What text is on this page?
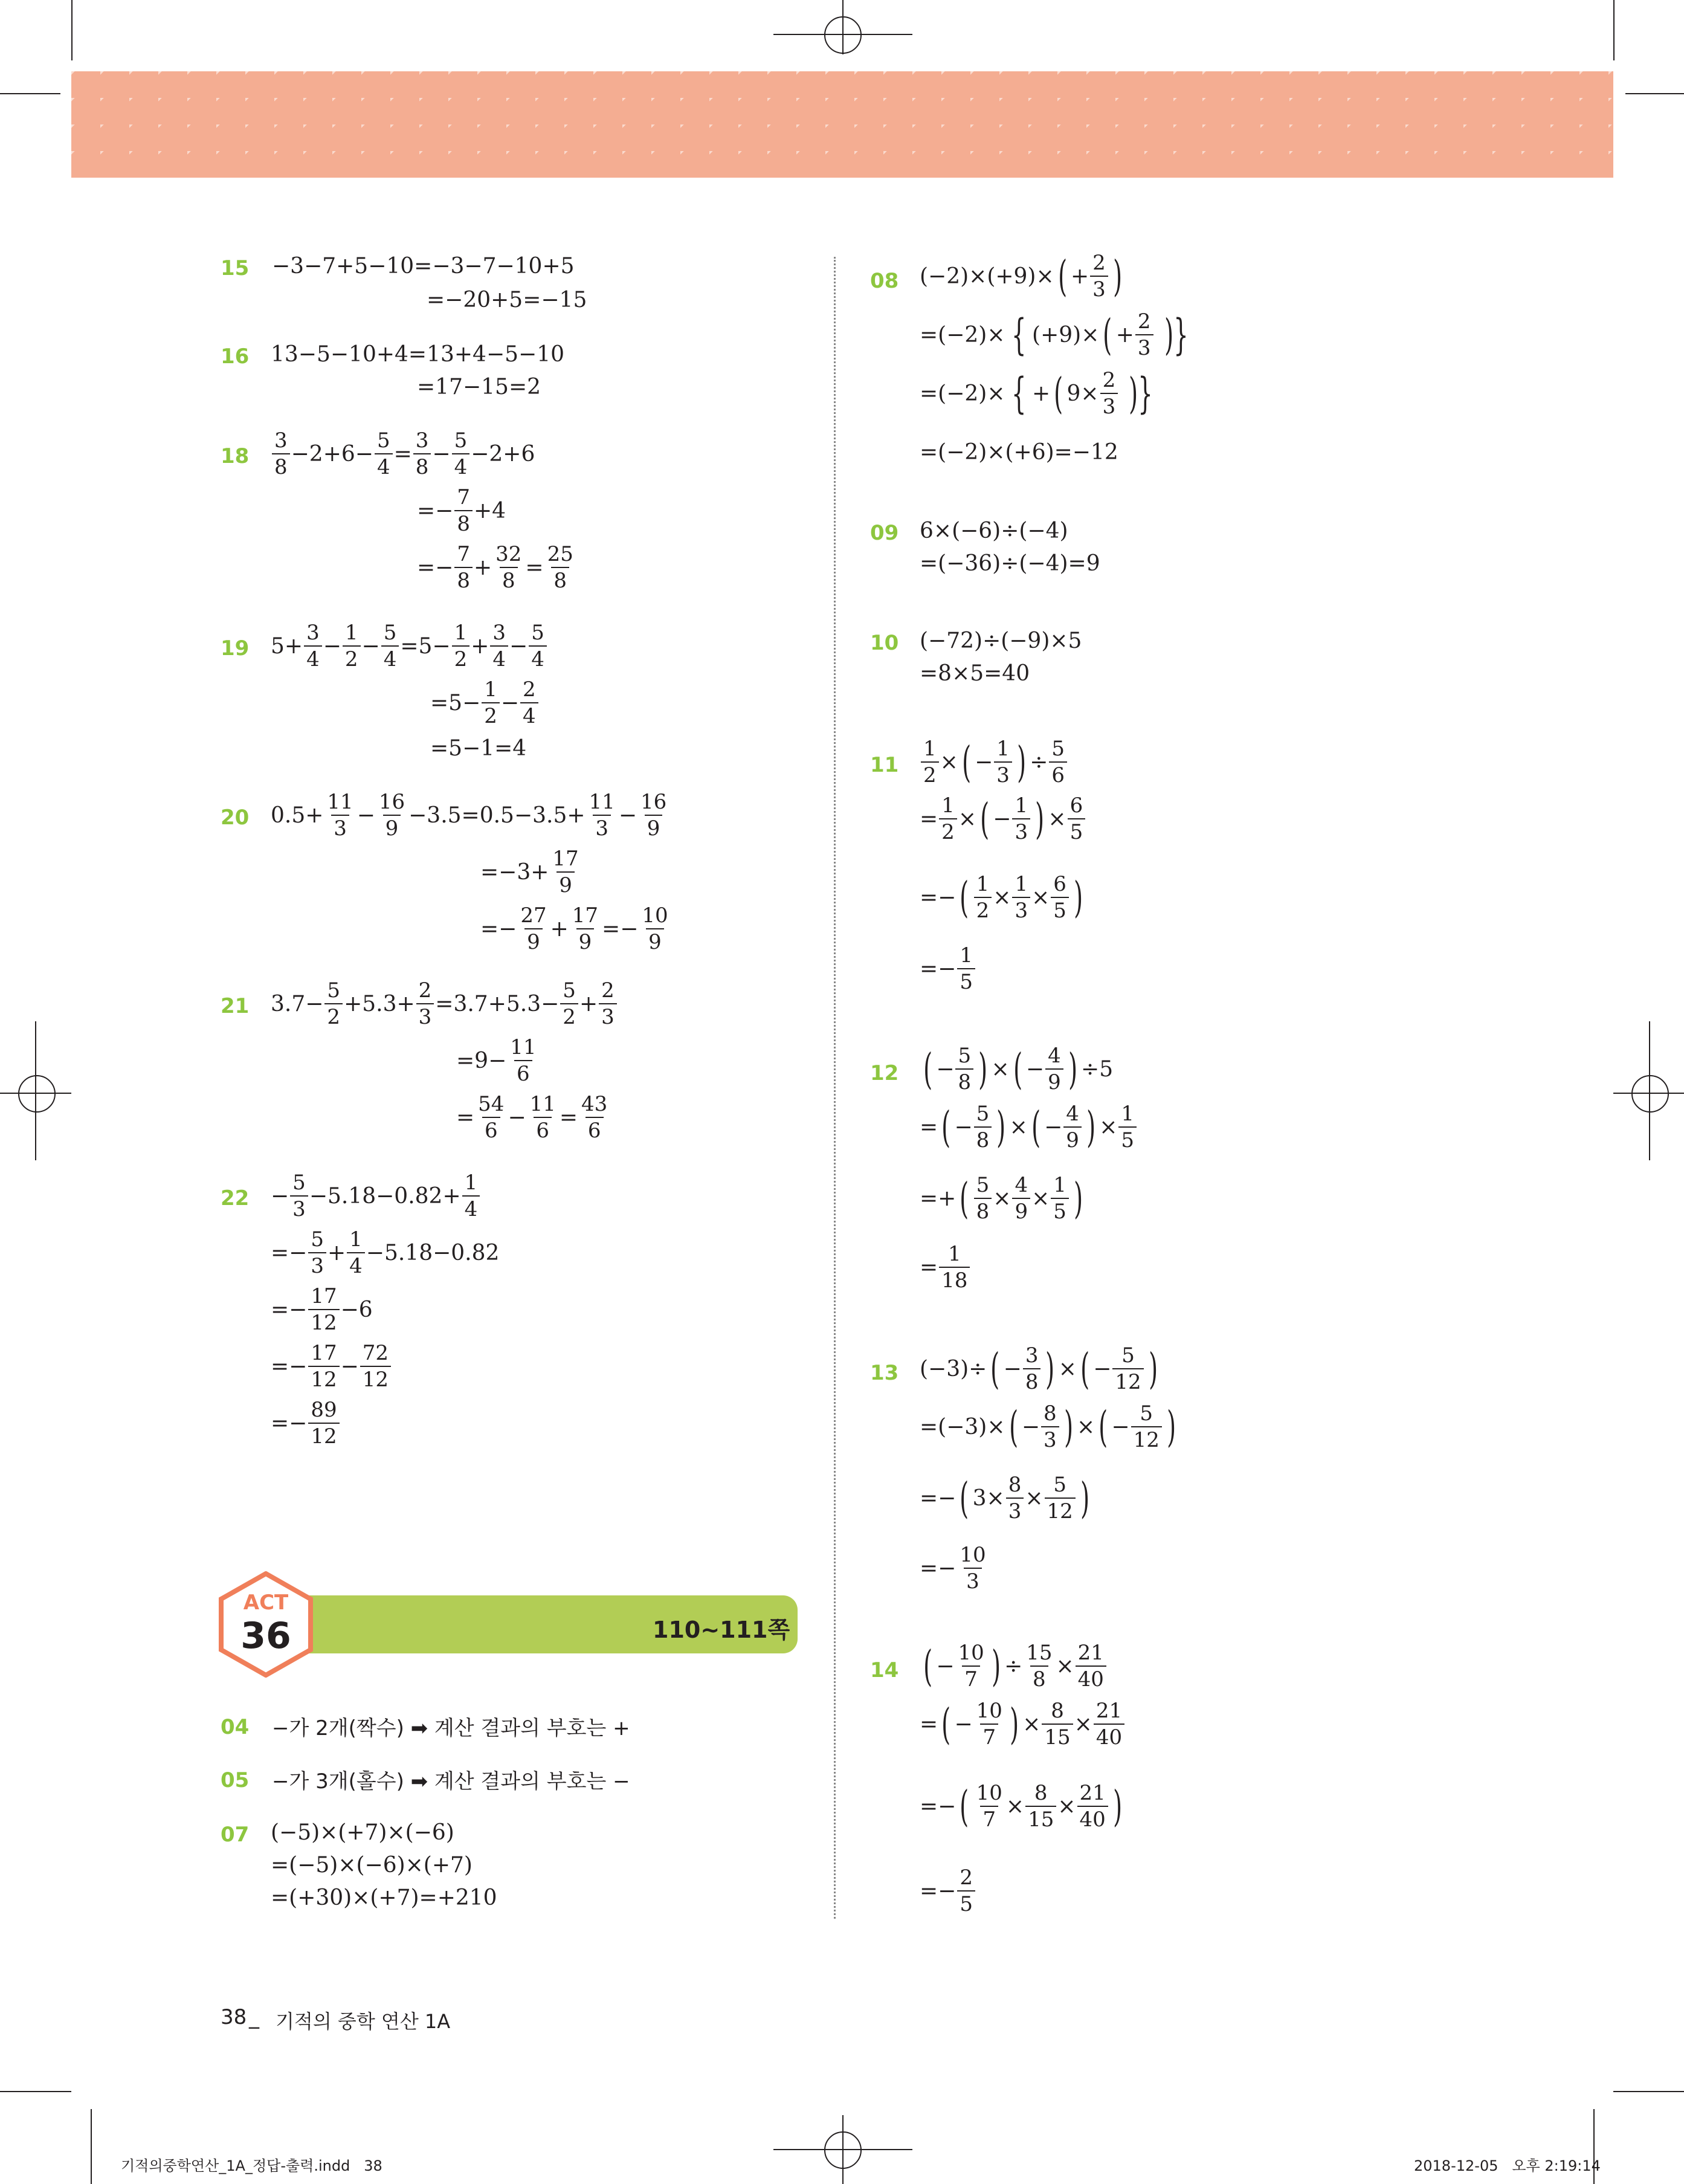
15 −3−7+5−10=−3−7−10+5
=−20+5=−15
16 13−5−10+4=13+4−5−10
=17−15=2
$18 \frac{3}{8} -2+6- \frac{5}{4} = \frac{3}{8} - \frac{5}{4} -2+6$
=− $\frac{7}{8} +4$
=− $\frac{7}{8} + \frac{32}{8} = \frac{25}{8}$
19 $5+ \frac{3}{4} - \frac{1}{2} - \frac{5}{4} =5- \frac{1}{2} + \frac{3}{4} - \frac{5}{4}$
$=5- \frac{1}{2} - \frac{2}{4}$
=5−1=4
20 $0.5+ \frac{11}{3} - \frac{16}{9} -3.5=0.5-3.5+ \frac{11}{3} - \frac{16}{9}$
$=-3+ \frac{17}{9}$
=− $\frac{27}{9} + \frac{17}{9} =- \frac{10}{9}$
21 $3.7- \frac{5}{2} +5.3+ \frac{2}{3} =3.7+5.3- \frac{5}{2} + \frac{2}{3}$
$=9- \frac{11}{6}$
= $\frac{54}{6} - \frac{11}{6} = \frac{43}{6}$
$22 - \frac{5}{3} -5.18-0.82+ \frac{1}{4}$
=− $\frac{5}{3} + \frac{1}{4} -5.18-0.82$
=− $\frac{17}{12} -6$
=− $\frac{17}{12} - \frac{72}{12}$
=− $\frac{89}{12}$
ACT
36	110~111쪽
04 −가 2개(짝수) ➡ 계산 결과의 부호는 +
05 −가 3개(홀수) ➡ 계산 결과의 부호는 −
07 (−5)×(+7)×(−6)
=(−5)×(−6)×(+7)
=(+30)×(+7)=+210
08 (−2)×(+9)× ( + $\frac{2}{3}$ )
=(−2)× { (+9)× ( + $\frac{2}{3}$ )}
=(−2)× { + ( $9\times \frac{2}{3}$ )}
=(−2)×(+6)=−12
09 6×(−6)÷(−4)
=(−36)÷(−4)=9
10 (−72)÷(−9)×5
=8×5=40
$11 \frac{1}{2}$ × ( − $\frac{1}{3}$ ) ÷ $\frac{5}{6}$
= $\frac{1}{2}$ × ( − $\frac{1}{3}$ ) × $\frac{6}{5}$
=− ( $\frac{1}{2} \times \frac{1}{3} \times \frac{6}{5}$ )
=− $\frac{1}{5}$
12 ( − $\frac{5}{8}$ ) × ( − $\frac{4}{9}$ ) ÷5
= ( − $\frac{5}{8}$ ) × ( − $\frac{4}{9}$ ) × $\frac{1}{5}$
=+ ( $\frac{5}{8} \times \frac{4}{9} \times \frac{1}{5}$ )
= $\frac{1}{18}$
13 (−3)÷ ( − $\frac{3}{8}$ ) × ( − $\frac{5}{12}$ )
=(−3)× ( − $\frac{8}{3}$ ) × ( − $\frac{5}{12}$ )
=− ( $3\times \frac{8}{3} \times \frac{5}{12}$ )
=− $\frac{10}{3}$
14 ( − $\frac{10}{7}$ ) ÷ $\frac{15}{8} \times \frac{21}{40}$
= ( − $\frac{10}{7}$ ) × $\frac{8}{15} \times \frac{21}{40}$
=− ( $\frac{10}{7} \times \frac{8}{15} \times \frac{21}{40}$ )
=− $\frac{2}{5}$
38 _ 기적의 중학 연산 1A
기적의중학연산_1A_정답-출력.indd   38	2018-12-05   오후 2:19:14
